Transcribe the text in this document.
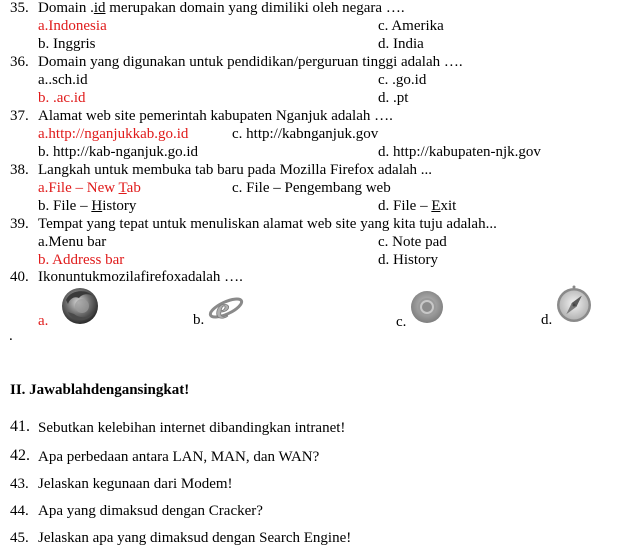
35. Domain .id merupakan domain yang dimiliki oleh negara ….
a.Indonesia	c. Amerika
b. Inggris	d. India
36. Domain yang digunakan untuk pendidikan/perguruan tinggi adalah ….
a..sch.id	c. .go.id
b. .ac.id	d. .pt
37. Alamat web site pemerintah kabupaten Nganjuk adalah ….
a.http://nganjukkab.go.id	c. http://kabnganjuk.gov
b. http://kab-nganjuk.go.id	d. http://kabupaten-njk.gov
38. Langkah untuk membuka tab baru pada Mozilla Firefox adalah ...
a.File – New Tab	c. File – Pengembang web
b. File – History	d. File – Exit
39. Tempat yang tepat untuk menuliskan alamat web site yang kita tuju adalah...
a.Menu bar	c. Note pad
b. Address bar	d. History
40. Ikonuntukmozilafirefoxadalah ….
a.	b. e	c.	d.
.
II. Jawablahdengansingkat!
41. Sebutkan kelebihan internet dibandingkan intranet!
42. Apa perbedaan antara LAN, MAN, dan WAN?
43. Jelaskan kegunaan dari Modem!
44. Apa yang dimaksud dengan Cracker?
45. Jelaskan apa yang dimaksud dengan Search Engine!
